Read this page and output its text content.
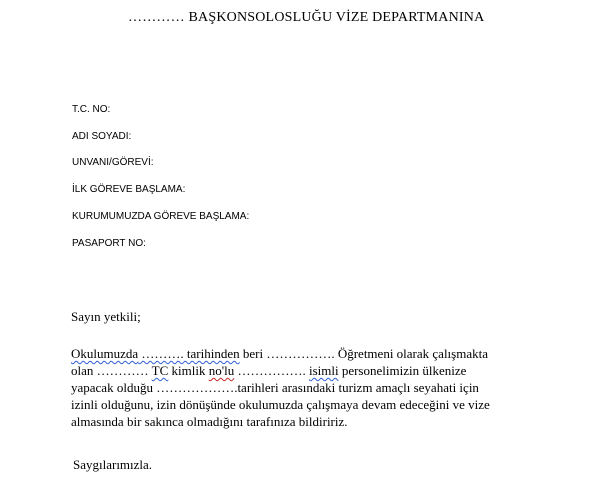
………… BAŞKONSOLOSLUĞU VİZE DEPARTMANINA
T.C. NO:
ADI SOYADI:
UNVANI/GÖREVİ:
İLK GÖREVE BAŞLAMA:
KURUMUMUZDA GÖREVE BAŞLAMA:
PASAPORT NO:
Sayın yetkili;
Okulumuzda ………. tarihinden beri ……………. Öğretmeni olarak çalışmakta
olan ………… TC kimlik no'lu ……………. isimli personelimizin ülkenize
yapacak olduğu ……………….tarihleri arasındaki turizm amaçlı seyahati için
izinli olduğunu, izin dönüşünde okulumuzda çalışmaya devam edeceğini ve vize
almasında bir sakınca olmadığını tarafınıza bildiririz.
Saygılarımızla.
